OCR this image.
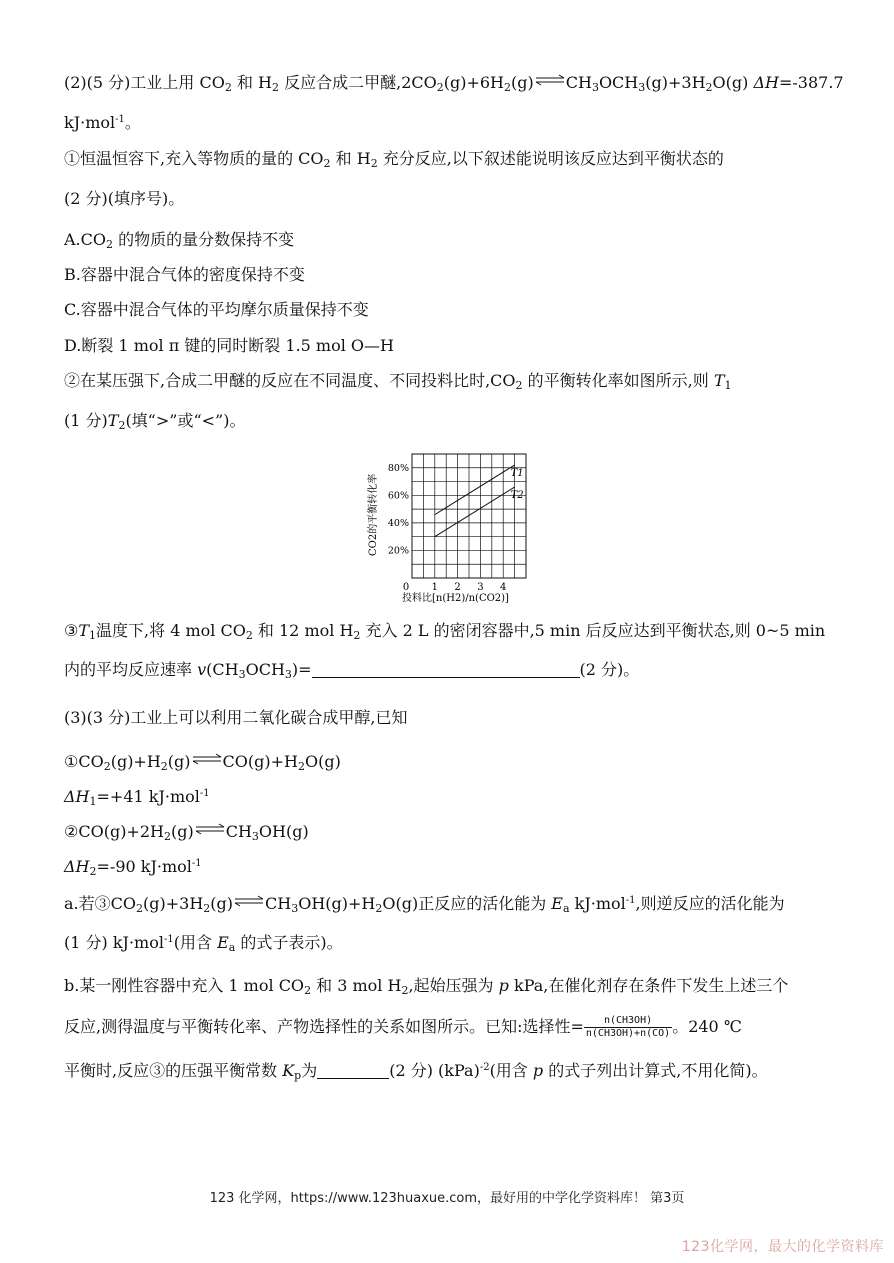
(2)(5 分)工业上用 $CO_2$ 和 $H_2$ 反应合成二甲醚$,2CO_2(g)+6H_2(g)\rightleftharpoons CH_3OCH_3(g)+3H_2O(g)$ ΔH=-387.7
kJ·mol$^{-1}$。
①恒温恒容下,充入等物质的量的 $CO_2$ 和 $H_2$ 充分反应,以下叙述能说明该反应达到平衡状态的
(2 分)(填序号)。
$A.CO_2$ 的物质的量分数保持不变
B.容器中混合气体的密度保持不变
C.容器中混合气体的平均摩尔质量保持不变
D.断裂 1 mol π 键的同时断裂 1.5 mol O—H
②在某压强下,合成二甲醚的反应在不同温度、不同投料比时$,CO_2$ 的平衡转化率如图所示,则 $T_1$
(1 分)$T_2$(填“>”或“<”)。
T1
T2
0 1 2 3 4
20%
40%
60%
80%
CO2的平衡转化率
投料比[n(H2)/n(CO2)]
$③T_1$温度下,将 4 mol $CO_2$ 和 12 mol $H_2$ 充入 2 L 的密闭容器中,5 min 后反应达到平衡状态,则 0~5 min
内的平均反应速率 $v(CH_3OCH_3)=$	(2 分)。
(3)(3 分)工业上可以利用二氧化碳合成甲醇,已知
$①CO_2(g)+H_2(g)\rightleftharpoons CO(g)+H_2O(g)$
$\Delta H_1=+41$ kJ·mol$^{-1}$
$②CO(g)+2H_2(g)\rightleftharpoons CH_3OH(g)$
$\Delta H_2=-90$ kJ·mol$^{-1}$
a.若$③CO_2(g)+3H_2(g)\rightleftharpoons CH_3OH(g)+H_2O(g)$正反应的活化能为 $E_a$ kJ·mol$^{-1}$,则逆反应的活化能为
(1 分) kJ·mol$^{-1}$(用含 $E_a$ 的式子表示)。
b.某一刚性容器中充入 1 mol $CO_2$ 和 3 mol $H_2$,起始压强为 p kPa,在催化剂存在条件下发生上述三个
反应,测得温度与平衡转化率、产物选择性的关系如图所示。已知:选择性= $\frac{n(CH3OH)}{n(CH3OH)+n(CO)}$ 。240 ℃
平衡时,反应③的压强平衡常数 $K_p$为	(2 分) (kPa)$^{-2}$(用含 p 的式子列出计算式,不用化简)。
123 化学网，https://www.123huaxue.com，最好用的中学化学资料库！ 第3页
123化学网，最大的化学资料库
